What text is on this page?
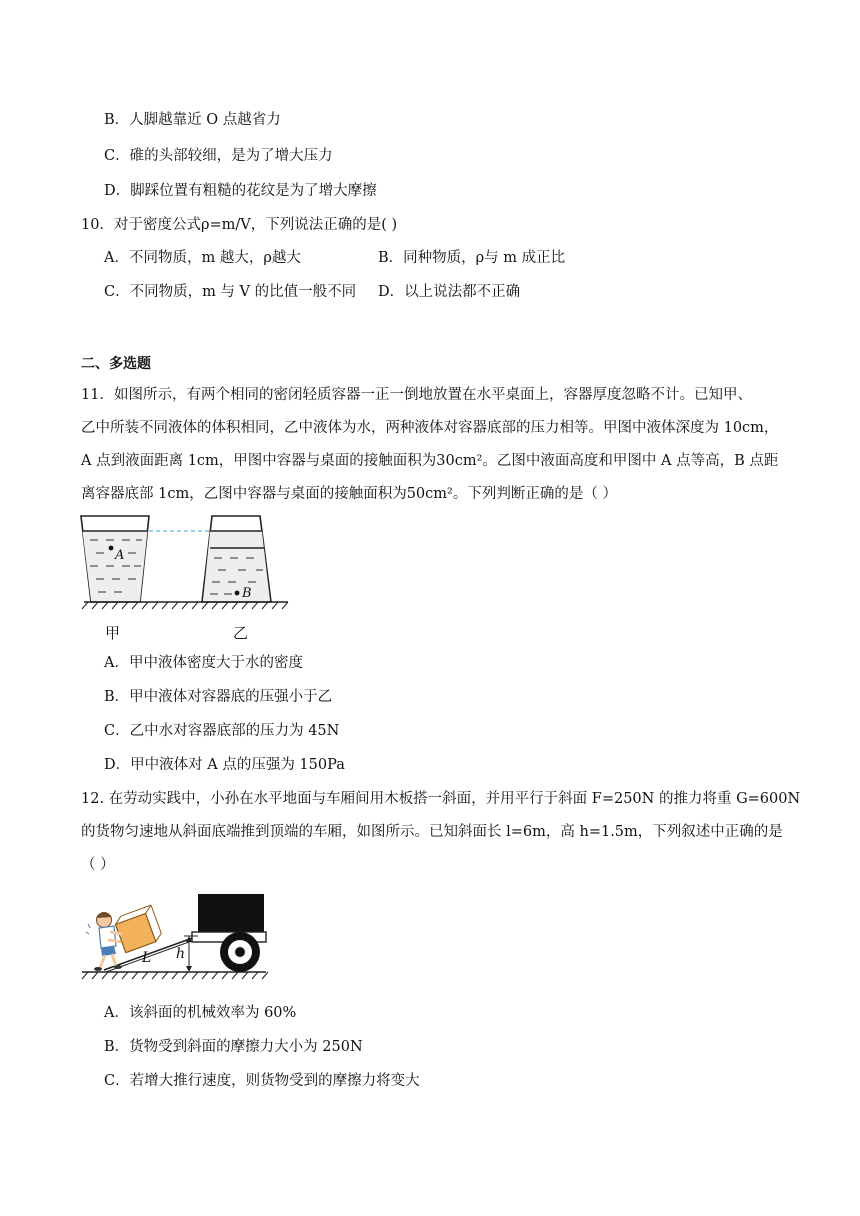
B．人脚越靠近 O 点越省力
C．碓的头部较细，是为了增大压力
D．脚踩位置有粗糙的花纹是为了增大摩擦
10．对于密度公式ρ=m/V，下列说法正确的是( )
A．不同物质，m 越大，ρ越大	B．同种物质，ρ与 m 成正比
C．不同物质，m 与 V 的比值一般不同 D．以上说法都不正确
二、多选题
11．如图所示，有两个相同的密闭轻质容器一正一倒地放置在水平桌面上，容器厚度忽略不计。已知甲、
乙中所装不同液体的体积相同，乙中液体为水，两种液体对容器底部的压力相等。甲图中液体深度为 10cm，
A 点到液面距离 1cm，甲图中容器与桌面的接触面积为30cm²。乙图中液面高度和甲图中 A 点等高，B 点距
离容器底部 1cm，乙图中容器与桌面的接触面积为50cm²。下列判断正确的是（ ）
A
B
甲	乙
A．甲中液体密度大于水的密度
B．甲中液体对容器底的压强小于乙
C．乙中水对容器底部的压力为 45N
D．甲中液体对 A 点的压强为 150Pa
12. 在劳动实践中，小孙在水平地面与车厢间用木板搭一斜面，并用平行于斜面 F=250N 的推力将重 G=600N
的货物匀速地从斜面底端推到顶端的车厢，如图所示。已知斜面长 l=6m，高 h=1.5m，下列叙述中正确的是
（ ）
h
L
A．该斜面的机械效率为 60%
B．货物受到斜面的摩擦力大小为 250N
C．若增大推行速度，则货物受到的摩擦力将变大
